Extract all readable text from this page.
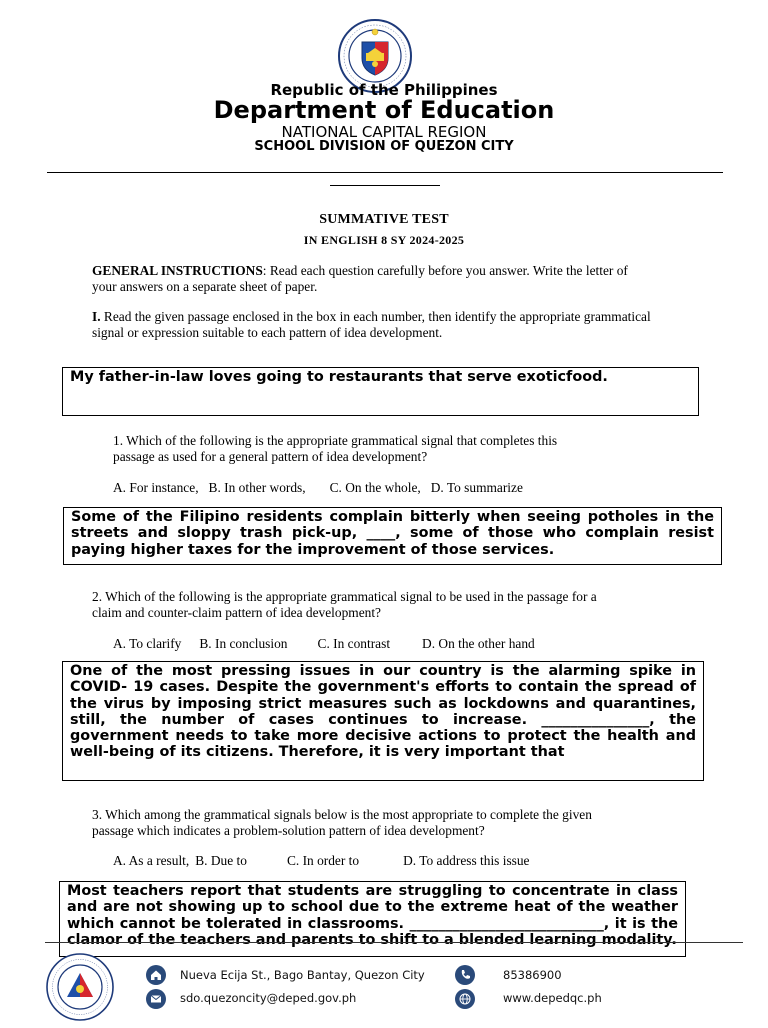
Republic of the Philippines
Department of Education
NATIONAL CAPITAL REGION
SCHOOL DIVISION OF QUEZON CITY
SUMMATIVE TEST
IN ENGLISH 8 SY 2024-2025
GENERAL INSTRUCTIONS: Read each question carefully before you answer. Write the letter of your answers on a separate sheet of paper.
I. Read the given passage enclosed in the box in each number, then identify the appropriate grammatical signal or expression suitable to each pattern of idea development.
My father-in-law loves going to restaurants that serve exoticfood.
1. Which of the following is the appropriate grammatical signal that completes this passage as used for a general pattern of idea development?
A. For instance, B. In other words, C. On the whole, D. To summarize
Some of the Filipino residents complain bitterly when seeing potholes in the streets and sloppy trash pick-up, ____, some of those who complain resist paying higher taxes for the improvement of those services.
2. Which of the following is the appropriate grammatical signal to be used in the passage for a claim and counter-claim pattern of idea development?
A. To clarify B. In conclusion C. In contrast D. On the other hand
One of the most pressing issues in our country is the alarming spike in COVID- 19 cases. Despite the government's efforts to contain the spread of the virus by imposing strict measures such as lockdowns and quarantines, still, the number of cases continues to increase. _______________, the government needs to take more decisive actions to protect the health and well-being of its citizens. Therefore, it is very important that
3. Which among the grammatical signals below is the most appropriate to complete the given passage which indicates a problem-solution pattern of idea development?
A. As a result, B. Due to	C. In order to	D. To address this issue
Most teachers report that students are struggling to concentrate in class and are not showing up to school due to the extreme heat of the weather which cannot be tolerated in classrooms. ___________________________, it is the clamor of the teachers and parents to shift to a blended learning modality.
Nueva Ecija St., Bago Bantay, Quezon City
sdo.quezoncity@deped.gov.ph
85386900
www.depedqc.ph
